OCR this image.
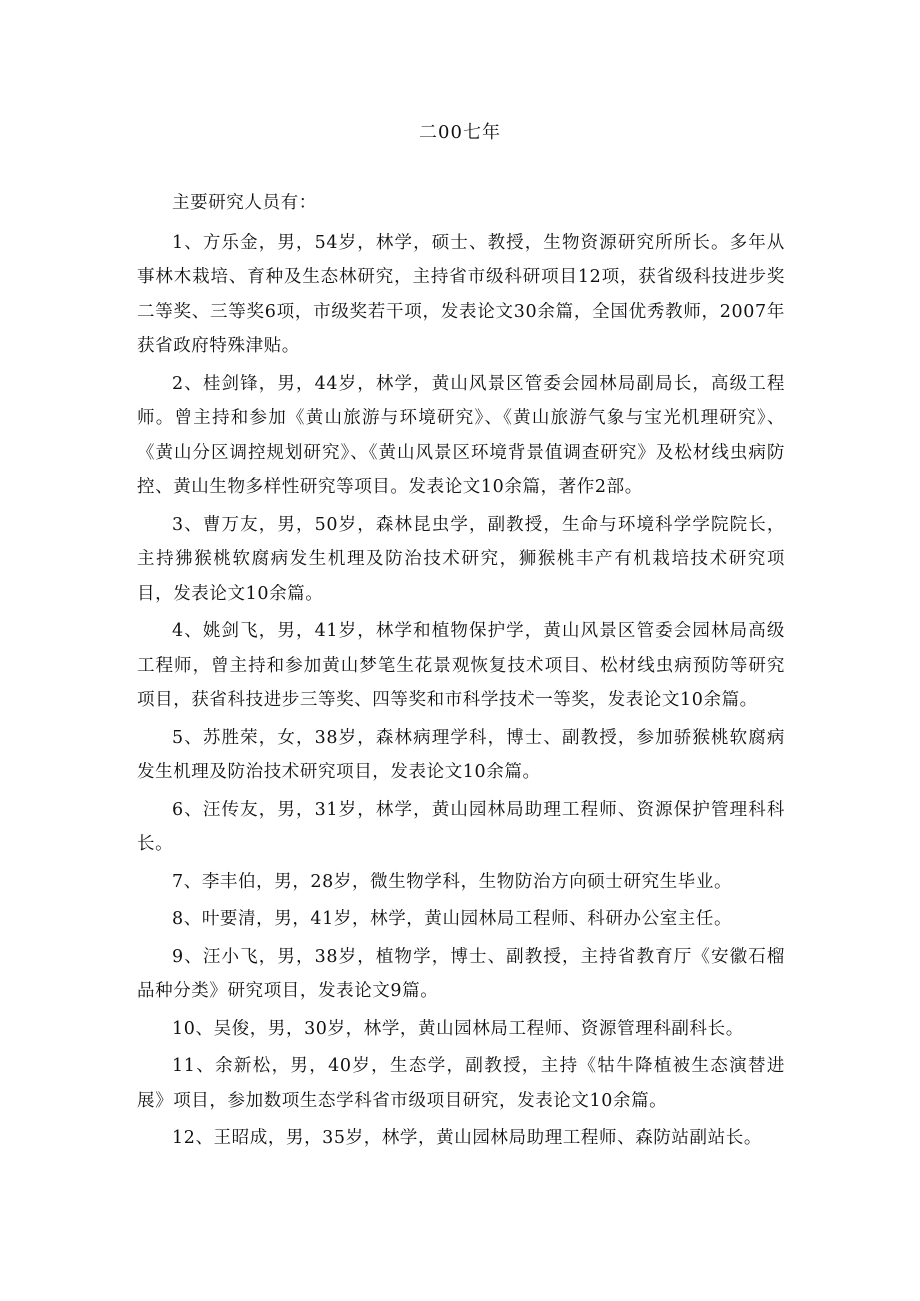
二00七年

主要研究人员有：

1、方乐金，男，54岁，林学，硕士、教授，生物资源研究所所长。多年从事林木栽培、育种及生态林研究，主持省市级科研项目12项，获省级科技进步奖二等奖、三等奖6项，市级奖若干项，发表论文30余篇，全国优秀教师，2007年获省政府特殊津贴。

2、桂剑锋，男，44岁，林学，黄山风景区管委会园林局副局长，高级工程师。曾主持和参加《黄山旅游与环境研究》、《黄山旅游气象与宝光机理研究》、《黄山分区调控规划研究》、《黄山风景区环境背景值调查研究》及松材线虫病防控、黄山生物多样性研究等项目。发表论文10余篇，著作2部。

3、曹万友，男，50岁，森林昆虫学，副教授，生命与环境科学学院院长，主持狒猴桃软腐病发生机理及防治技术研究，狮猴桃丰产有机栽培技术研究项目，发表论文10余篇。

4、姚剑飞，男，41岁，林学和植物保护学，黄山风景区管委会园林局高级工程师，曾主持和参加黄山梦笔生花景观恢复技术项目、松材线虫病预防等研究项目，获省科技进步三等奖、四等奖和市科学技术一等奖，发表论文10余篇。

5、苏胜荣，女，38岁，森林病理学科，博士、副教授，参加骄猴桃软腐病发生机理及防治技术研究项目，发表论文10余篇。

6、汪传友，男，31岁，林学，黄山园林局助理工程师、资源保护管理科科长。

7、李丰伯，男，28岁，微生物学科，生物防治方向硕士研究生毕业。

8、叶要清，男，41岁，林学，黄山园林局工程师、科研办公室主任。

9、汪小飞，男，38岁，植物学，博士、副教授，主持省教育厅《安徽石榴品种分类》研究项目，发表论文9篇。

10、吴俊，男，30岁，林学，黄山园林局工程师、资源管理科副科长。

11、余新松，男，40岁，生态学，副教授，主持《牯牛降植被生态演替进展》项目，参加数项生态学科省市级项目研究，发表论文10余篇。

12、王昭成，男，35岁，林学，黄山园林局助理工程师、森防站副站长。
